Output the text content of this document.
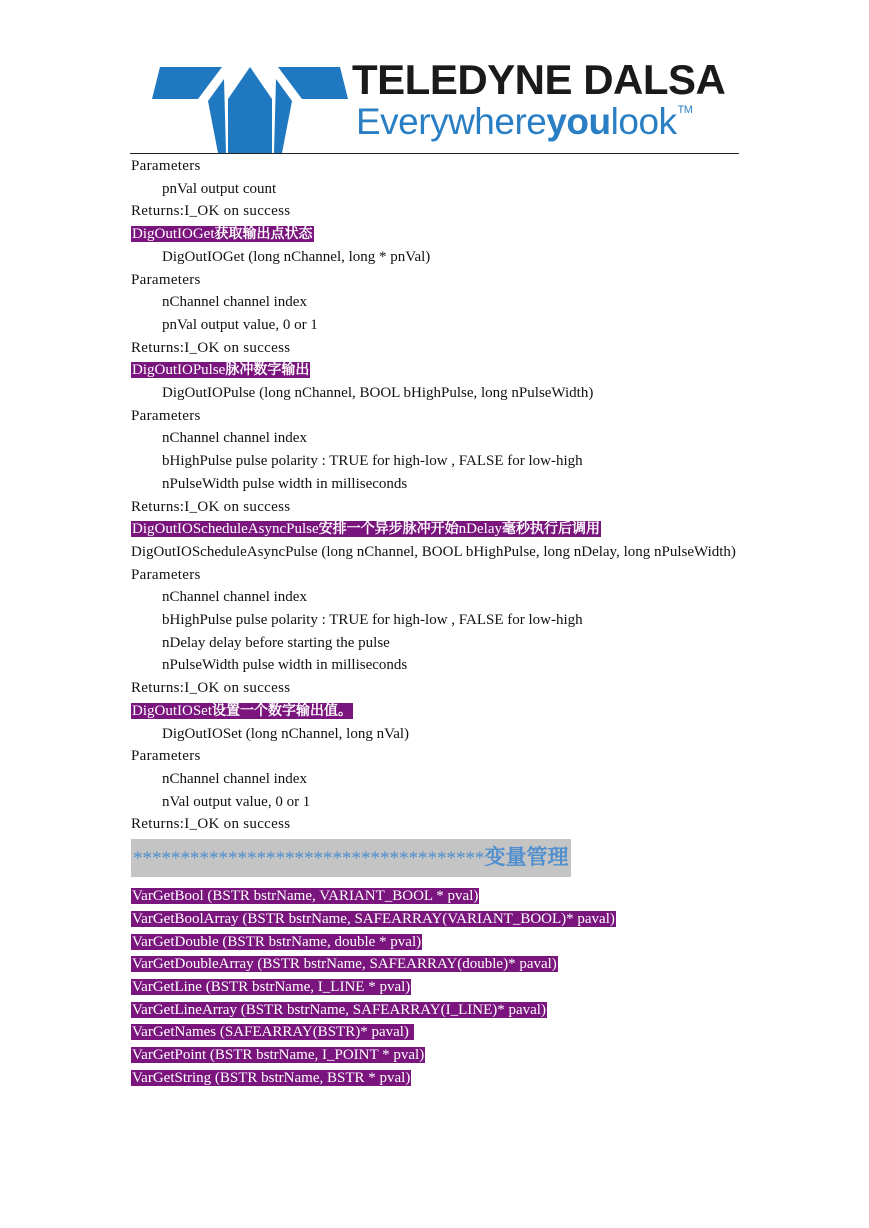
TELEDYNE DALSA
Everywhereyoulook™
Parameters
pnVal output count
Returns:I_OK on success
DigOutIOGet获取输出点状态
DigOutIOGet (long nChannel, long * pnVal)
Parameters
nChannel channel index
pnVal output value, 0 or 1
Returns:I_OK on success
DigOutIOPulse脉冲数字输出
DigOutIOPulse (long nChannel, BOOL bHighPulse, long nPulseWidth)
Parameters
nChannel channel index
bHighPulse pulse polarity : TRUE for high-low , FALSE for low-high
nPulseWidth pulse width in milliseconds
Returns:I_OK on success
DigOutIOScheduleAsyncPulse安排一个异步脉冲开始nDelay毫秒执行后调用
DigOutIOScheduleAsyncPulse (long nChannel, BOOL bHighPulse, long nDelay, long nPulseWidth)
Parameters
nChannel channel index
bHighPulse pulse polarity : TRUE for high-low , FALSE for low-high
nDelay delay before starting the pulse
nPulseWidth pulse width in milliseconds
Returns:I_OK on success
DigOutIOSet设置一个数字输出值。
DigOutIOSet (long nChannel, long nVal)
Parameters
nChannel channel index
nVal output value, 0 or 1
Returns:I_OK on success
*************************************变量管理
VarGetBool (BSTR bstrName, VARIANT_BOOL * pval)
VarGetBoolArray (BSTR bstrName, SAFEARRAY(VARIANT_BOOL)* paval)
VarGetDouble (BSTR bstrName, double * pval)
VarGetDoubleArray (BSTR bstrName, SAFEARRAY(double)* paval)
VarGetLine (BSTR bstrName, I_LINE * pval)
VarGetLineArray (BSTR bstrName, SAFEARRAY(I_LINE)* paval)
VarGetNames (SAFEARRAY(BSTR)* paval)
VarGetPoint (BSTR bstrName, I_POINT * pval)
VarGetString (BSTR bstrName, BSTR * pval)
